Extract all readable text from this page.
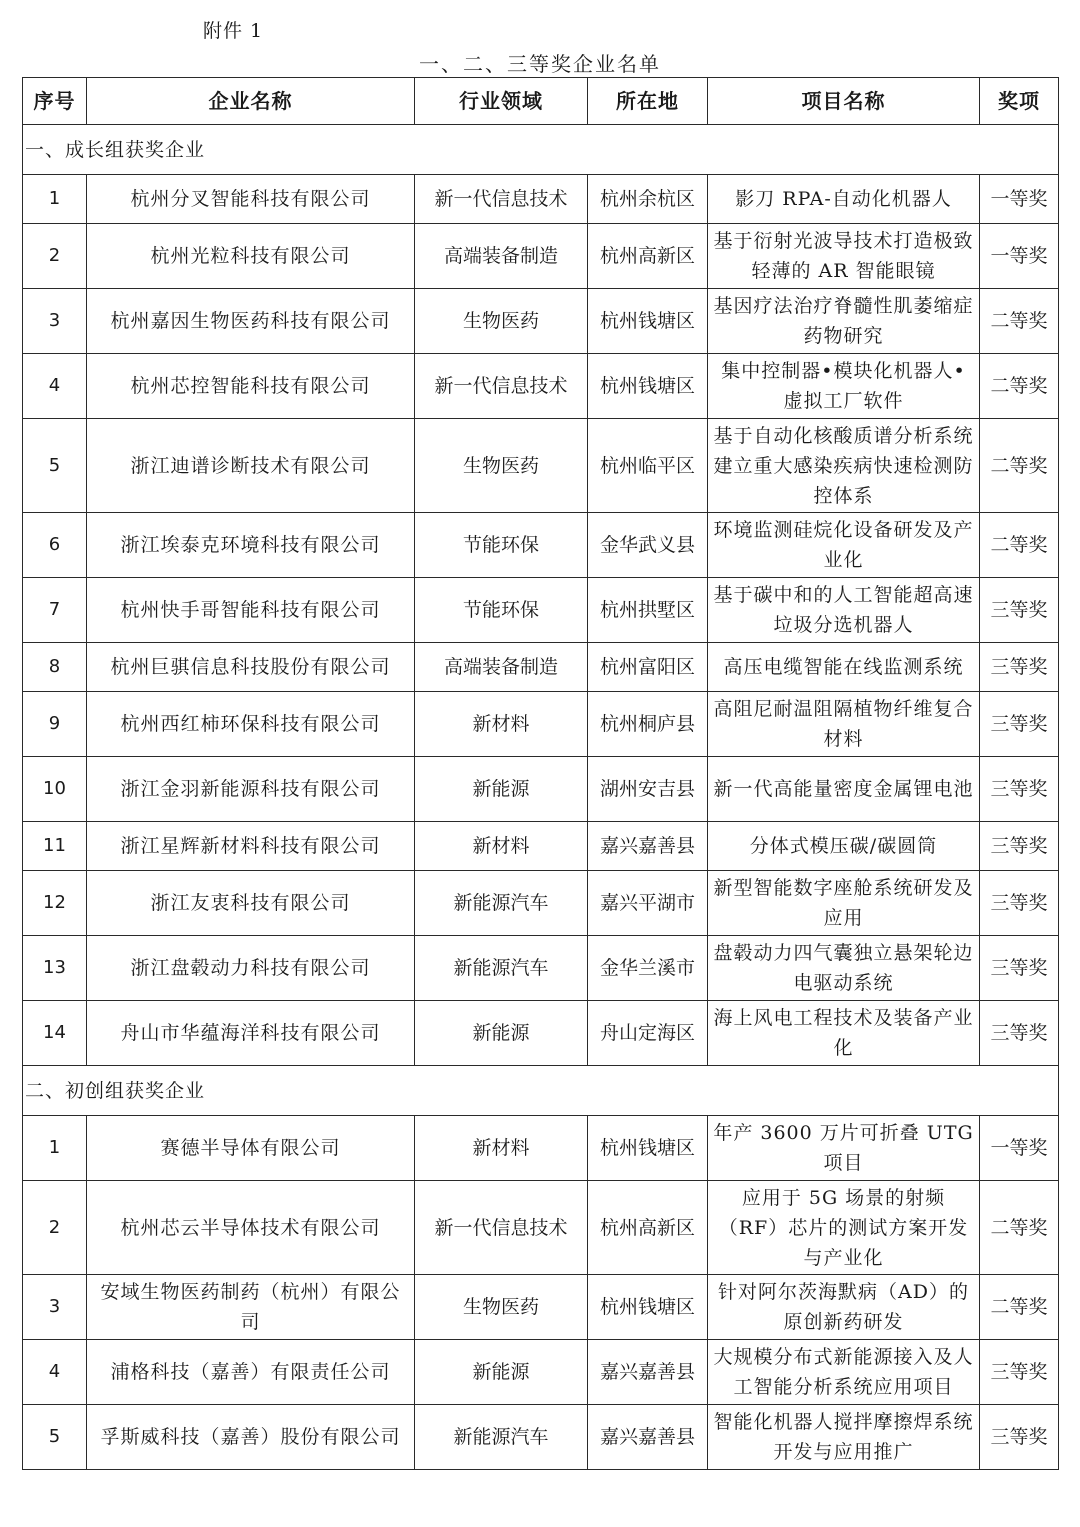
附件 1
一、二、三等奖企业名单
序号	企业名称	行业领域	所在地	项目名称	奖项
一、成长组获奖企业					
1	杭州分叉智能科技有限公司	新一代信息技术	杭州余杭区	影刀 RPA-自动化机器人	一等奖
2	杭州光粒科技有限公司	高端装备制造	杭州高新区	基于衍射光波导技术打造极致轻薄的 AR 智能眼镜	一等奖
3	杭州嘉因生物医药科技有限公司	生物医药	杭州钱塘区	基因疗法治疗脊髓性肌萎缩症药物研究	二等奖
4	杭州芯控智能科技有限公司	新一代信息技术	杭州钱塘区	集中控制器•模块化机器人•虚拟工厂软件	二等奖
5	浙江迪谱诊断技术有限公司	生物医药	杭州临平区	基于自动化核酸质谱分析系统建立重大感染疾病快速检测防控体系	二等奖
6	浙江埃泰克环境科技有限公司	节能环保	金华武义县	环境监测硅烷化设备研发及产业化	二等奖
7	杭州快手哥智能科技有限公司	节能环保	杭州拱墅区	基于碳中和的人工智能超高速垃圾分选机器人	三等奖
8	杭州巨骐信息科技股份有限公司	高端装备制造	杭州富阳区	高压电缆智能在线监测系统	三等奖
9	杭州西红柿环保科技有限公司	新材料	杭州桐庐县	高阻尼耐温阻隔植物纤维复合材料	三等奖
10	浙江金羽新能源科技有限公司	新能源	湖州安吉县	新一代高能量密度金属锂电池	三等奖
11	浙江星辉新材料科技有限公司	新材料	嘉兴嘉善县	分体式模压碳/碳圆筒	三等奖
12	浙江友衷科技有限公司	新能源汽车	嘉兴平湖市	新型智能数字座舱系统研发及应用	三等奖
13	浙江盘毂动力科技有限公司	新能源汽车	金华兰溪市	盘毂动力四气囊独立悬架轮边电驱动系统	三等奖
14	舟山市华蕴海洋科技有限公司	新能源	舟山定海区	海上风电工程技术及装备产业化	三等奖
二、初创组获奖企业					
1	赛德半导体有限公司	新材料	杭州钱塘区	年产 3600 万片可折叠 UTG 项目	一等奖
2	杭州芯云半导体技术有限公司	新一代信息技术	杭州高新区	应用于 5G 场景的射频（RF）芯片的测试方案开发与产业化	二等奖
3	安域生物医药制药（杭州）有限公司	生物医药	杭州钱塘区	针对阿尔茨海默病（AD）的原创新药研发	二等奖
4	浦格科技（嘉善）有限责任公司	新能源	嘉兴嘉善县	大规模分布式新能源接入及人工智能分析系统应用项目	三等奖
5	孚斯威科技（嘉善）股份有限公司	新能源汽车	嘉兴嘉善县	智能化机器人搅拌摩擦焊系统开发与应用推广	三等奖
